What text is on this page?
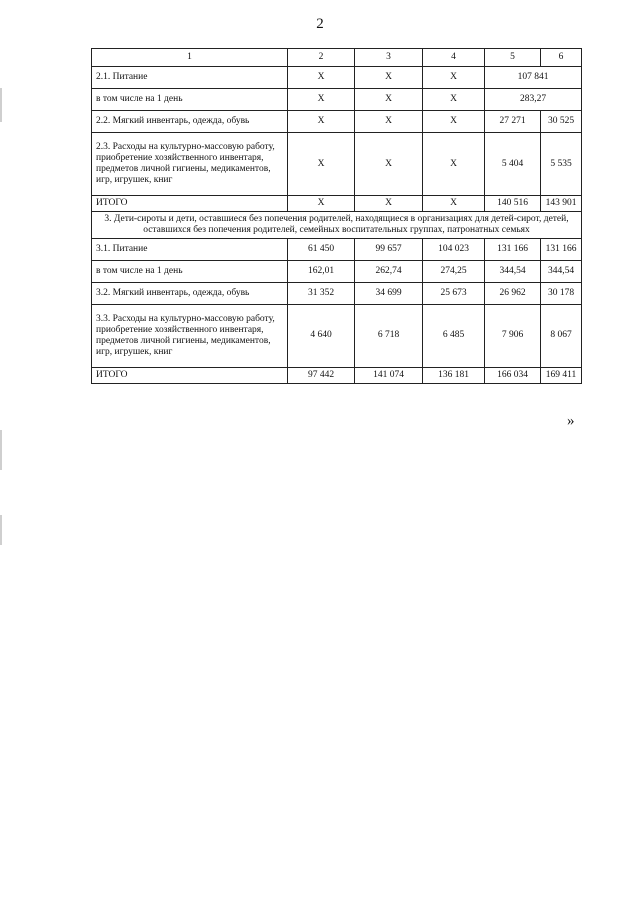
2
1	2	3	4	5	6
2.1. Питание	X	X	X	107 841	
в том числе на 1 день	X	X	X	283,27	
2.2. Мягкий инвентарь, одежда, обувь	X	X	X	27 271	30 525
2.3. Расходы на культурно-массовую работу, приобретение хозяйственного инвентаря, предметов личной гигиены, медикаментов, игр, игрушек, книг	X	X	X	5 404	5 535
ИТОГО	X	X	X	140 516	143 901
3. Дети-сироты и дети, оставшиеся без попечения родителей, находящиеся в организациях для детей-сирот, детей, оставшихся без попечения родителей, семейных воспитательных группах, патронатных семьях					
3.1. Питание	61 450	99 657	104 023	131 166	131 166
в том числе на 1 день	162,01	262,74	274,25	344,54	344,54
3.2. Мягкий инвентарь, одежда, обувь	31 352	34 699	25 673	26 962	30 178
3.3. Расходы на культурно-массовую работу, приобретение хозяйственного инвентаря, предметов личной гигиены, медикаментов, игр, игрушек, книг	4 640	6 718	6 485	7 906	8 067
ИТОГО	97 442	141 074	136 181	166 034	169 411
»
